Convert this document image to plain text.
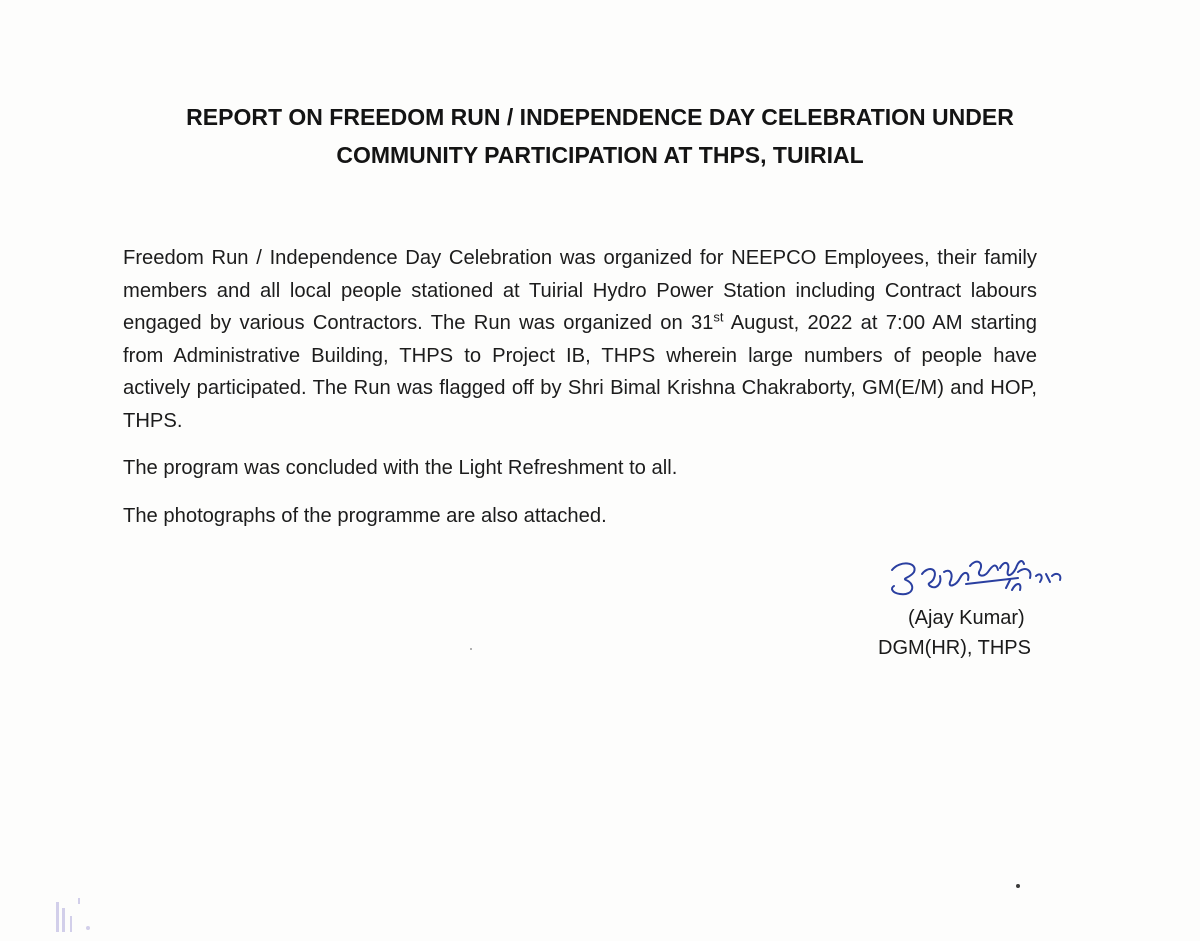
REPORT ON FREEDOM RUN / INDEPENDENCE DAY CELEBRATION UNDER
COMMUNITY PARTICIPATION AT THPS, TUIRIAL

Freedom Run / Independence Day Celebration was organized for NEEPCO Employees, their family members and all local people stationed at Tuirial Hydro Power Station including Contract labours engaged by various Contractors. The Run was organized on 31st August, 2022 at 7:00 AM starting from Administrative Building, THPS to Project IB, THPS wherein large numbers of people have actively participated. The Run was flagged off by Shri Bimal Krishna Chakraborty, GM(E/M) and HOP, THPS.

The program was concluded with the Light Refreshment to all.

The photographs of the programme are also attached.

(Ajay Kumar)
DGM(HR), THPS
